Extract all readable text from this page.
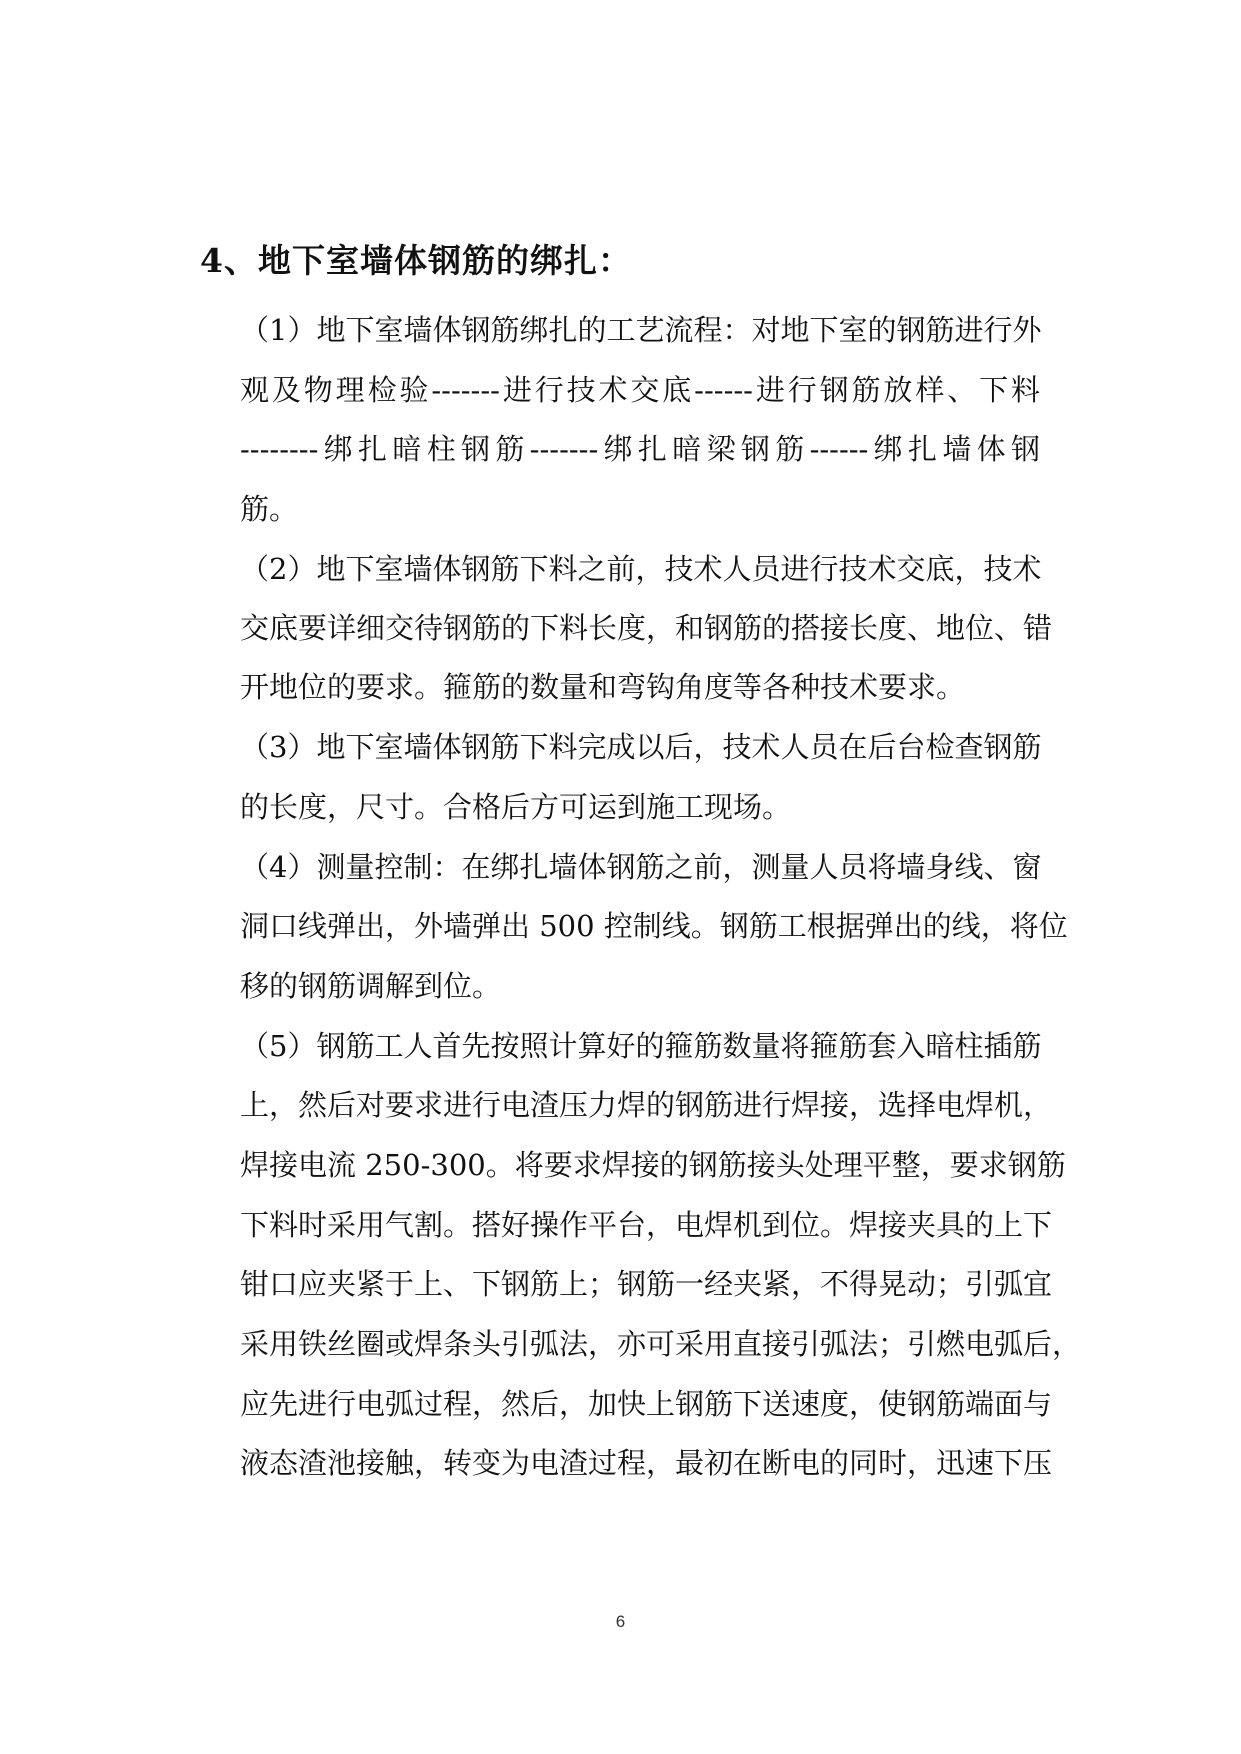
4、地下室墙体钢筋的绑扎：
（1）地下室墙体钢筋绑扎的工艺流程：对地下室的钢筋进行外
观及物理检验-------进行技术交底------进行钢筋放样、下料
--------绑扎暗柱钢筋-------绑扎暗梁钢筋------绑扎墙体钢
筋。
（2）地下室墙体钢筋下料之前，技术人员进行技术交底，技术
交底要详细交待钢筋的下料长度，和钢筋的搭接长度、地位、错
开地位的要求。箍筋的数量和弯钩角度等各种技术要求。
（3）地下室墙体钢筋下料完成以后，技术人员在后台检查钢筋
的长度，尺寸。合格后方可运到施工现场。
（4）测量控制：在绑扎墙体钢筋之前，测量人员将墙身线、窗
洞口线弹出，外墙弹出 500 控制线。钢筋工根据弹出的线，将位
移的钢筋调解到位。
（5）钢筋工人首先按照计算好的箍筋数量将箍筋套入暗柱插筋
上，然后对要求进行电渣压力焊的钢筋进行焊接，选择电焊机，
焊接电流 250-300。将要求焊接的钢筋接头处理平整，要求钢筋
下料时采用气割。搭好操作平台，电焊机到位。焊接夹具的上下
钳口应夹紧于上、下钢筋上；钢筋一经夹紧，不得晃动；引弧宜
采用铁丝圈或焊条头引弧法，亦可采用直接引弧法；引燃电弧后，
应先进行电弧过程，然后，加快上钢筋下送速度，使钢筋端面与
液态渣池接触，转变为电渣过程，最初在断电的同时，迅速下压
6
